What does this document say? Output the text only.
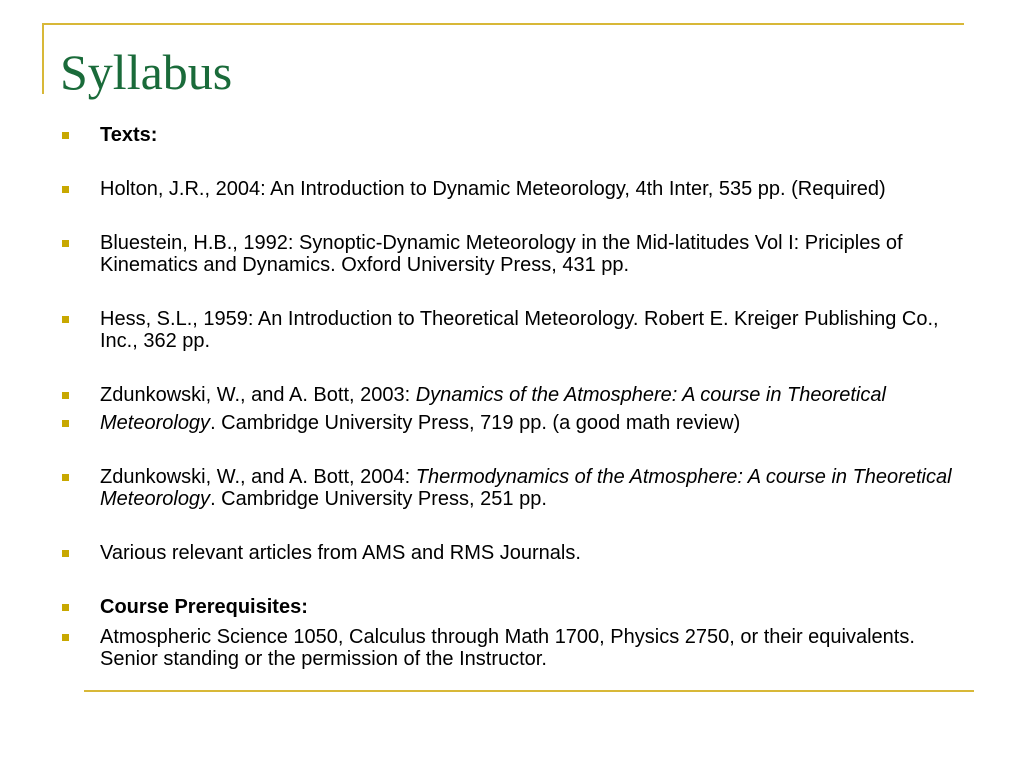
Syllabus
Texts:
Holton, J.R., 2004: An Introduction to Dynamic Meteorology, 4th Inter, 535 pp. (Required)
Bluestein, H.B., 1992: Synoptic-Dynamic Meteorology in the Mid-latitudes Vol I: Priciples of Kinematics and Dynamics. Oxford University Press, 431 pp.
Hess, S.L., 1959: An Introduction to Theoretical Meteorology. Robert E. Kreiger Publishing Co., Inc., 362 pp.
Zdunkowski, W., and A. Bott, 2003: Dynamics of the Atmosphere: A course in Theoretical
Meteorology. Cambridge University Press, 719 pp. (a good math review)
Zdunkowski, W., and A. Bott, 2004: Thermodynamics of the Atmosphere: A course in Theoretical Meteorology. Cambridge University Press, 251 pp.
Various relevant articles from AMS and RMS Journals.
Course Prerequisites:
Atmospheric Science 1050, Calculus through Math 1700, Physics 2750, or their equivalents. Senior standing or the permission of the Instructor.
